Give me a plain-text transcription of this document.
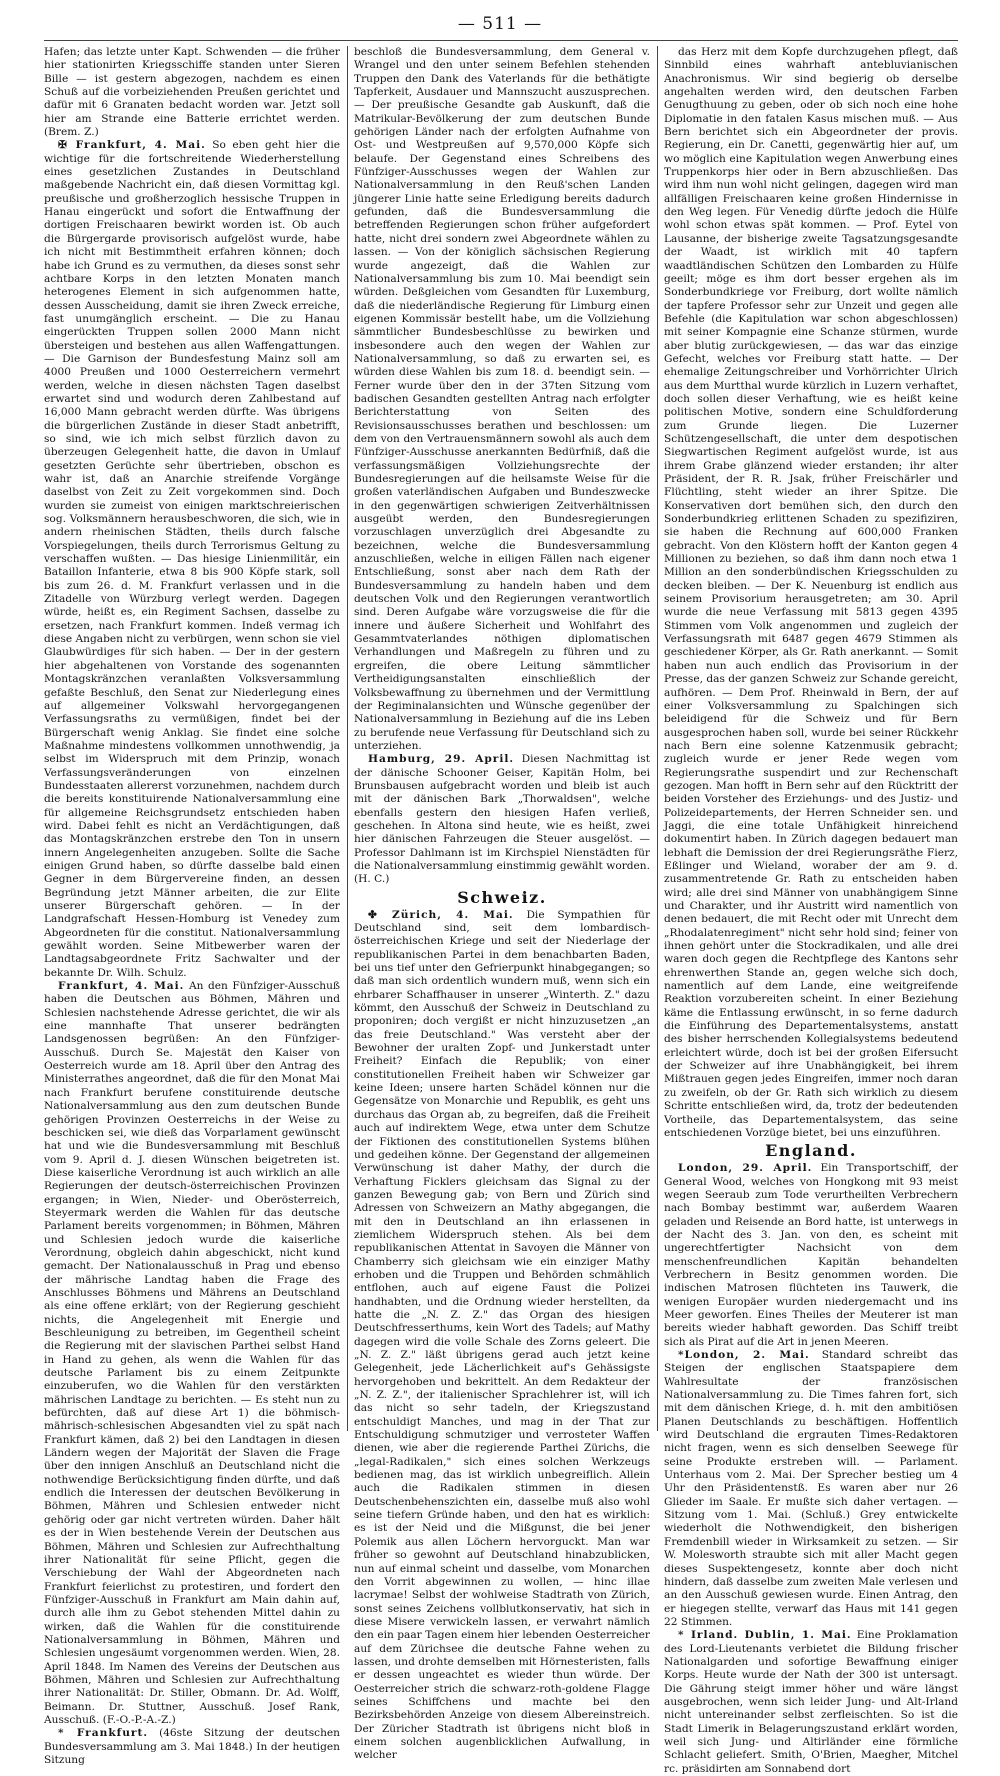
— 511 —

Hafen; das letzte unter Kapt. Schwenden — die früher hier stationirten Kriegsschiffe standen unter Sieren Bille — ist gestern abgezogen, nachdem es einen Schuß auf die vorbeiziehenden Preußen gerichtet und dafür mit 6 Granaten bedacht worden war. Jetzt soll hier am Strande eine Batterie errichtet werden. (Brem. Z.)

✠ Frankfurt, 4. Mai. So eben geht hier die wichtige für die fortschreitende Wiederherstellung eines gesetzlichen Zustandes in Deutschland maßgebende Nachricht ein, daß diesen Vormittag kgl. preußische und großherzoglich hessische Truppen in Hanau eingerückt und sofort die Entwaffnung der dortigen Freischaaren bewirkt worden ist. Ob auch die Bürgergarde provisorisch aufgelöst wurde, habe ich nicht mit Bestimmtheit erfahren können; doch habe ich Grund es zu vermuthen, da dieses sonst sehr achtbare Korps in den letzten Monaten manch heterogenes Element in sich aufgenommen hatte, dessen Ausscheidung, damit sie ihren Zweck erreiche, fast unumgänglich erscheint. — Die zu Hanau eingerückten Truppen sollen 2000 Mann nicht übersteigen und bestehen aus allen Waffengattungen. — Die Garnison der Bundesfestung Mainz soll am 4000 Preußen und 1000 Oesterreichern vermehrt werden, welche in diesen nächsten Tagen daselbst erwartet sind und wodurch deren Zahlbestand auf 16,000 Mann gebracht werden dürfte. Was übrigens die bürgerlichen Zustände in dieser Stadt anbetrifft, so sind, wie ich mich selbst fürzlich davon zu überzeugen Gelegenheit hatte, die davon in Umlauf gesetzten Gerüchte sehr übertrieben, obschon es wahr ist, daß an Anarchie streifende Vorgänge daselbst von Zeit zu Zeit vorgekommen sind. Doch wurden sie zumeist von einigen marktschreierischen sog. Volksmännern herausbeschworen, die sich, wie in andern rheinischen Städten, theils durch falsche Vorspiegelungen, theils durch Terrorismus Geltung zu verschaffen wußten. — Das hiesige Linienmilitär, ein Bataillon Infanterie, etwa 8 bis 900 Köpfe stark, soll bis zum 26. d. M. Frankfurt verlassen und in die Zitadelle von Würzburg verlegt werden. Dagegen würde, heißt es, ein Regiment Sachsen, dasselbe zu ersetzen, nach Frankfurt kommen. Indeß vermag ich diese Angaben nicht zu verbürgen, wenn schon sie viel Glaubwürdiges für sich haben. — Der in der gestern hier abgehaltenen von Vorstande des sogenannten Montagskränzchen veranlaßten Volksversammlung gefaßte Beschluß, den Senat zur Niederlegung eines auf allgemeiner Volkswahl hervorgegangenen Verfassungsraths zu vermüßigen, findet bei der Bürgerschaft wenig Anklag. Sie findet eine solche Maßnahme mindestens vollkommen unnothwendig, ja selbst im Widerspruch mit dem Prinzip, wonach Verfassungsveränderungen von einzelnen Bundesstaaten allererst vorzunehmen, nachdem durch die bereits konstituirende Nationalversammlung eine für allgemeine Reichsgrundsetz entschieden haben wird. Dabei fehlt es nicht an Verdächtigungen, daß das Montagskränzchen erstrebe den Ton in unsern innern Angelegenheiten anzugeben. Sollte die Sache einigen Grund haben, so dürfte dasselbe bald einen Gegner in dem Bürgervereine finden, an dessen Begründung jetzt Männer arbeiten, die zur Elite unserer Bürgerschaft gehören. — In der Landgrafschaft Hessen-Homburg ist Venedey zum Abgeordneten für die constitut. Nationalversammlung gewählt worden. Seine Mitbewerber waren der Landtagsabgeordnete Fritz Sachwalter und der bekannte Dr. Wilh. Schulz.

Frankfurt, 4. Mai. An den Fünfziger-Ausschuß haben die Deutschen aus Böhmen, Mähren und Schlesien nachstehende Adresse gerichtet, die wir als eine mannhafte That unserer bedrängten Landsgenossen begrüßen: An den Fünfziger-Ausschuß. Durch Se. Majestät den Kaiser von Oesterreich wurde am 18. April über den Antrag des Ministerrathes angeordnet, daß die für den Monat Mai nach Frankfurt berufene constituirende deutsche Nationalversammlung aus den zum deutschen Bunde gehörigen Provinzen Oesterreichs in der Weise zu beschicken sei, wie dieß das Vorparlament gewünscht hat und wie die Bundesversammlung mit Beschluß vom 9. April d. J. diesen Wünschen beigetreten ist. Diese kaiserliche Verordnung ist auch wirklich an alle Regierungen der deutsch-österreichischen Provinzen ergangen; in Wien, Nieder- und Oberösterreich, Steyermark werden die Wahlen für das deutsche Parlament bereits vorgenommen; in Böhmen, Mähren und Schlesien jedoch wurde die kaiserliche Verordnung, obgleich dahin abgeschickt, nicht kund gemacht. Der Nationalausschuß in Prag und ebenso der mährische Landtag haben die Frage des Anschlusses Böhmens und Mährens an Deutschland als eine offene erklärt; von der Regierung geschieht nichts, die Angelegenheit mit Energie und Beschleunigung zu betreiben, im Gegentheil scheint die Regierung mit der slavischen Parthei selbst Hand in Hand zu gehen, als wenn die Wahlen für das deutsche Parlament bis zu einem Zeitpunkte einzuberufen, wo die Wahlen für den verstärkten mährischen Landtage zu berichten. — Es steht nun zu befürchten, daß auf diese Art 1) die böhmisch-mährisch-schlesischen Abgesandten viel zu spät nach Frankfurt kämen, daß 2) bei den Landtagen in diesen Ländern wegen der Majorität der Slaven die Frage über den innigen Anschluß an Deutschland nicht die nothwendige Berücksichtigung finden dürfte, und daß endlich die Interessen der deutschen Bevölkerung in Böhmen, Mähren und Schlesien entweder nicht gehörig oder gar nicht vertreten würden. Daher hält es der in Wien bestehende Verein der Deutschen aus Böhmen, Mähren und Schlesien zur Aufrechthaltung ihrer Nationalität für seine Pflicht, gegen die Verschiebung der Wahl der Abgeordneten nach Frankfurt feierlichst zu protestiren, und fordert den Fünfziger-Ausschuß in Frankfurt am Main dahin auf, durch alle ihm zu Gebot stehenden Mittel dahin zu wirken, daß die Wahlen für die constituirende Nationalversammlung in Böhmen, Mähren und Schlesien ungesäumt vorgenommen werden. Wien, 28. April 1848. Im Namen des Vereins der Deutschen aus Böhmen, Mähren und Schlesien zur Aufrechthaltung ihrer Nationalität: Dr. Stiller, Obmann. Dr. Ad. Wolff, Beimann. Dr. Stuttner, Ausschuß. Josef Rank, Ausschuß. (F.-O.-P.-A.-Z.)

* Frankfurt. (46ste Sitzung der deutschen Bundesversammlung am 3. Mai 1848.) In der heutigen Sitzung

beschloß die Bundesversammlung, dem General v. Wrangel und den unter seinem Befehlen stehenden Truppen den Dank des Vaterlands für die bethätigte Tapferkeit, Ausdauer und Mannszucht auszusprechen. — Der preußische Gesandte gab Auskunft, daß die Matrikular-Bevölkerung der zum deutschen Bunde gehörigen Länder nach der erfolgten Aufnahme von Ost- und Westpreußen auf 9,570,000 Köpfe sich belaufe. Der Gegenstand eines Schreibens des Fünfziger-Ausschusses wegen der Wahlen zur Nationalversammlung in den Reuß'schen Landen jüngerer Linie hatte seine Erledigung bereits dadurch gefunden, daß die Bundesversammlung die betreffenden Regierungen schon früher aufgefordert hatte, nicht drei sondern zwei Abgeordnete wählen zu lassen. — Von der königlich sächsischen Regierung wurde angezeigt, daß die Wahlen zur Nationalversammlung bis zum 10. Mai beendigt sein würden. Deßgleichen vom Gesandten für Luxemburg, daß die niederländische Regierung für Limburg einen eigenen Kommissär bestellt habe, um die Vollziehung sämmtlicher Bundesbeschlüsse zu bewirken und insbesondere auch den wegen der Wahlen zur Nationalversammlung, so daß zu erwarten sei, es würden diese Wahlen bis zum 18. d. beendigt sein. — Ferner wurde über den in der 37ten Sitzung vom badischen Gesandten gestellten Antrag nach erfolgter Berichterstattung von Seiten des Revisionsausschusses berathen und beschlossen: um dem von den Vertrauensmännern sowohl als auch dem Fünfziger-Ausschusse anerkannten Bedürfniß, daß die verfassungsmäßigen Vollziehungsrechte der Bundesregierungen auf die heilsamste Weise für die großen vaterländischen Aufgaben und Bundeszwecke in den gegenwärtigen schwierigen Zeitverhältnissen ausgeübt werden, den Bundesregierungen vorzuschlagen unverzüglich drei Abgesandte zu bezeichnen, welche die Bundesversammlung anzuschließen, welche in eiligen Fällen nach eigener Entschließung, sonst aber nach dem Rath der Bundesversammlung zu handeln haben und dem deutschen Volk und den Regierungen verantwortlich sind. Deren Aufgabe wäre vorzugsweise die für die innere und äußere Sicherheit und Wohlfahrt des Gesammtvaterlandes nöthigen diplomatischen Verhandlungen und Maßregeln zu führen und zu ergreifen, die obere Leitung sämmtlicher Vertheidigungsanstalten einschließlich der Volksbewaffnung zu übernehmen und der Vermittlung der Regiminalansichten und Wünsche gegenüber der Nationalversammlung in Beziehung auf die ins Leben zu berufende neue Verfassung für Deutschland sich zu unterziehen.

Hamburg, 29. April. Diesen Nachmittag ist der dänische Schooner Geiser, Kapitän Holm, bei Brunsbausen aufgebracht worden und bleib ist auch mit der dänischen Bark „Thorwaldsen", welche ebenfalls gestern den hiesigen Hafen verließ, geschehen. In Altona sind heute, wie es heißt, zwei hier dänischen Fahrzeugen die Steuer ausgelöst. — Professor Dahlmann ist im Kirchspiel Nienstädten für die Nationalversammlung einstimmig gewählt worden. (H. C.)

Schweiz.

✤ Zürich, 4. Mai. Die Sympathien für Deutschland sind, seit dem lombardisch-österreichischen Kriege und seit der Niederlage der republikanischen Partei in dem benachbarten Baden, bei uns tief unter den Gefrierpunkt hinabgegangen; so daß man sich ordentlich wundern muß, wenn sich ein ehrbarer Schaffhauser in unserer „Winterth. Z." dazu kömmt, den Ausschuß der Schweiz in Deutschland zu proponiren; doch vergißt er nicht hinzuzusetzen „an das freie Deutschland." Was versteht aber der Bewohner der uralten Zopf- und Junkerstadt unter Freiheit? Einfach die Republik; von einer constitutionellen Freiheit haben wir Schweizer gar keine Ideen; unsere harten Schädel können nur die Gegensätze von Monarchie und Republik, es geht uns durchaus das Organ ab, zu begreifen, daß die Freiheit auch auf indirektem Wege, etwa unter dem Schutze der Fiktionen des constitutionellen Systems blühen und gedeihen könne. Der Gegenstand der allgemeinen Verwünschung ist daher Mathy, der durch die Verhaftung Ficklers gleichsam das Signal zu der ganzen Bewegung gab; von Bern und Zürich sind Adressen von Schweizern an Mathy abgegangen, die mit den in Deutschland an ihn erlassenen in ziemlichem Widerspruch stehen. Als bei dem republikanischen Attentat in Savoyen die Männer von Chamberry sich gleichsam wie ein einziger Mathy erhoben und die Truppen und Behörden schmählich entflohen, auch auf eigene Faust die Polizei handhabten, und die Ordnung wieder herstellten, da hatte die „N. Z. Z." das Organ des hiesigen Deutschfresserthums, kein Wort des Tadels; auf Mathy dagegen wird die volle Schale des Zorns geleert. Die „N. Z. Z." läßt übrigens gerad auch jetzt keine Gelegenheit, jede Lächerlichkeit auf's Gehässigste hervorgehoben und bekrittelt. An dem Redakteur der „N. Z. Z.", der italienischer Sprachlehrer ist, will ich das nicht so sehr tadeln, der Kriegszustand entschuldigt Manches, und mag in der That zur Entschuldigung schmutziger und verrosteter Waffen dienen, wie aber die regierende Parthei Zürichs, die „legal-Radikalen," sich eines solchen Werkzeugs bedienen mag, das ist wirklich unbegreiflich. Allein auch die Radikalen stimmen in diesen Deutschenbehenszichten ein, dasselbe muß also wohl seine tiefern Gründe haben, und den hat es wirklich: es ist der Neid und die Mißgunst, die bei jener Polemik aus allen Löchern hervorguckt. Man war früher so gewohnt auf Deutschland hinabzublicken, nun auf einmal scheint und dasselbe, vom Monarchen den Vorrit abgewinnen zu wollen, — hinc illae lacrymae! Selbst der wohlweise Stadtrath von Zürich, sonst seines Zeichens vollblutkonservativ, hat sich in diese Misere verwickeln lassen, er verwahrt nämlich den ein paar Tagen einem hier lebenden Oesterreicher auf dem Zürichsee die deutsche Fahne wehen zu lassen, und drohte demselben mit Hörnesteristen, falls er dessen ungeachtet es wieder thun würde. Der Oesterreicher strich die schwarz-roth-goldene Flagge seines Schiffchens und machte bei den Bezirksbehörden Anzeige von diesem Albereinstreich. Der Züricher Stadtrath ist übrigens nicht bloß in einem solchen augenblicklichen Aufwallung, in welcher

das Herz mit dem Kopfe durchzugehen pflegt, daß Sinnbild eines wahrhaft antebluvianischen Anachronismus. Wir sind begierig ob derselbe angehalten werden wird, den deutschen Farben Genugthuung zu geben, oder ob sich noch eine hohe Diplomatie in den fatalen Kasus mischen muß. — Aus Bern berichtet sich ein Abgeordneter der provis. Regierung, ein Dr. Canetti, gegenwärtig hier auf, um wo möglich eine Kapitulation wegen Anwerbung eines Truppenkorps hier oder in Bern abzuschließen. Das wird ihm nun wohl nicht gelingen, dagegen wird man allfälligen Freischaaren keine großen Hindernisse in den Weg legen. Für Venedig dürfte jedoch die Hülfe wohl schon etwas spät kommen. — Prof. Eytel von Lausanne, der bisherige zweite Tagsatzungsgesandte der Waadt, ist wirklich mit 40 tapfern waadtländischen Schützen den Lombarden zu Hülfe geeilt; möge es ihm dort besser ergehen als im Sonderbundkriege vor Freiburg, dort wollte nämlich der tapfere Professor sehr zur Unzeit und gegen alle Befehle (die Kapitulation war schon abgeschlossen) mit seiner Kompagnie eine Schanze stürmen, wurde aber blutig zurückgewiesen, — das war das einzige Gefecht, welches vor Freiburg statt hatte. — Der ehemalige Zeitungschreiber und Vorhörrichter Ulrich aus dem Murtthal wurde kürzlich in Luzern verhaftet, doch sollen dieser Verhaftung, wie es heißt keine politischen Motive, sondern eine Schuldforderung zum Grunde liegen. Die Luzerner Schützengesellschaft, die unter dem despotischen Siegwartischen Regiment aufgelöst wurde, ist aus ihrem Grabe glänzend wieder erstanden; ihr alter Präsident, der R. R. Jsak, früher Freischärler und Flüchtling, steht wieder an ihrer Spitze. Die Konservativen dort bemühen sich, den durch den Sonderbundkrieg erlittenen Schaden zu spezifiziren, sie haben die Rechnung auf 600,000 Franken gebracht. Von den Klöstern hofft der Kanton gegen 4 Millionen zu beziehen, so daß ihm dann noch etwa 1 Million an den sonderbündischen Kriegsschulden zu decken bleiben. — Der K. Neuenburg ist endlich aus seinem Provisorium herausgetreten; am 30. April wurde die neue Verfassung mit 5813 gegen 4395 Stimmen vom Volk angenommen und zugleich der Verfassungsrath mit 6487 gegen 4679 Stimmen als geschiedener Körper, als Gr. Rath anerkannt. — Somit haben nun auch endlich das Provisorium in der Presse, das der ganzen Schweiz zur Schande gereicht, aufhören. — Dem Prof. Rheinwald in Bern, der auf einer Volksversammlung zu Spalchingen sich beleidigend für die Schweiz und für Bern ausgesprochen haben soll, wurde bei seiner Rückkehr nach Bern eine solenne Katzenmusik gebracht; zugleich wurde er jener Rede wegen vom Regierungsrathe suspendirt und zur Rechenschaft gezogen. Man hofft in Bern sehr auf den Rücktritt der beiden Vorsteher des Erziehungs- und des Justiz- und Polizeidepartements, der Herren Schneider sen. und Jaggi, die eine totale Unfähigkeit hinreichend dokumentirt haben. In Zürich dagegen bedauert man lebhaft die Demission der drei Regierungsräthe Fierz, Eßlinger und Wieland, woraber der am 9. d. zusammentretende Gr. Rath zu entscheiden haben wird; alle drei sind Männer von unabhängigem Sinne und Charakter, und ihr Austritt wird namentlich von denen bedauert, die mit Recht oder mit Unrecht dem „Rhodalatenregiment" nicht sehr hold sind; feiner von ihnen gehört unter die Stockradikalen, und alle drei waren doch gegen die Rechtpflege des Kantons sehr ehrenwerthen Stande an, gegen welche sich doch, namentlich auf dem Lande, eine weitgreifende Reaktion vorzubereiten scheint. In einer Beziehung käme die Entlassung erwünscht, in so ferne dadurch die Einführung des Departementalsystems, anstatt des bisher herrschenden Kollegialsystems bedeutend erleichtert würde, doch ist bei der großen Eifersucht der Schweizer auf ihre Unabhängigkeit, bei ihrem Mißtrauen gegen jedes Eingreifen, immer noch daran zu zweifeln, ob der Gr. Rath sich wirklich zu diesem Schritte entschließen wird, da, trotz der bedeutenden Vortheile, das Departementalsystem, das seine entschiedenen Vorzüge bietet, bei uns einzuführen.

England.

London, 29. April. Ein Transportschiff, der General Wood, welches von Hongkong mit 93 meist wegen Seeraub zum Tode verurtheilten Verbrechern nach Bombay bestimmt war, außerdem Waaren geladen und Reisende an Bord hatte, ist unterwegs in der Nacht des 3. Jan. von den, es scheint mit ungerechtfertigter Nachsicht von dem menschenfreundlichen Kapitän behandelten Verbrechern in Besitz genommen worden. Die indischen Matrosen flüchteten ins Tauwerk, die wenigen Europäer wurden niedergemacht und ins Meer geworfen. Eines Theiles der Meuterer ist man bereits wieder habhaft geworden. Das Schiff treibt sich als Pirat auf die Art in jenen Meeren.

*London, 2. Mai. Standard schreibt das Steigen der englischen Staatspapiere dem Wahlresultate der französischen Nationalversammlung zu. Die Times fahren fort, sich mit dem dänischen Kriege, d. h. mit den ambitiösen Planen Deutschlands zu beschäftigen. Hoffentlich wird Deutschland die ergrauten Times-Redaktoren nicht fragen, wenn es sich denselben Seewege für seine Produkte erstreben will. — Parlament. Unterhaus vom 2. Mai. Der Sprecher bestieg um 4 Uhr den Präsidentenstß. Es waren aber nur 26 Glieder im Saale. Er mußte sich daher vertagen. — Sitzung vom 1. Mai. (Schluß.) Grey entwickelte wiederholt die Nothwendigkeit, den bisherigen Fremdenbill wieder in Wirksamkeit zu setzen. — Sir W. Molesworth straubte sich mit aller Macht gegen dieses Suspektengesetz, konnte aber doch nicht hindern, daß dasselbe zum zweiten Male verlesen und an den Ausschuß gewiesen wurde. Einen Antrag, den er hiegegen stellte, verwarf das Haus mit 141 gegen 22 Stimmen.

* Irland. Dublin, 1. Mai. Eine Proklamation des Lord-Lieutenants verbietet die Bildung frischer Nationalgarden und sofortige Bewaffnung einiger Korps. Heute wurde der Nath der 300 ist untersagt. Die Gährung steigt immer höher und wäre längst ausgebrochen, wenn sich leider Jung- und Alt-Irland nicht untereinander selbst zerfleischten. So ist die Stadt Limerik in Belagerungszustand erklärt worden, weil sich Jung- und Altirländer eine förmliche Schlacht geliefert. Smith, O'Brien, Maegher, Mitchel rc. präsidirten am Sonnabend dort
